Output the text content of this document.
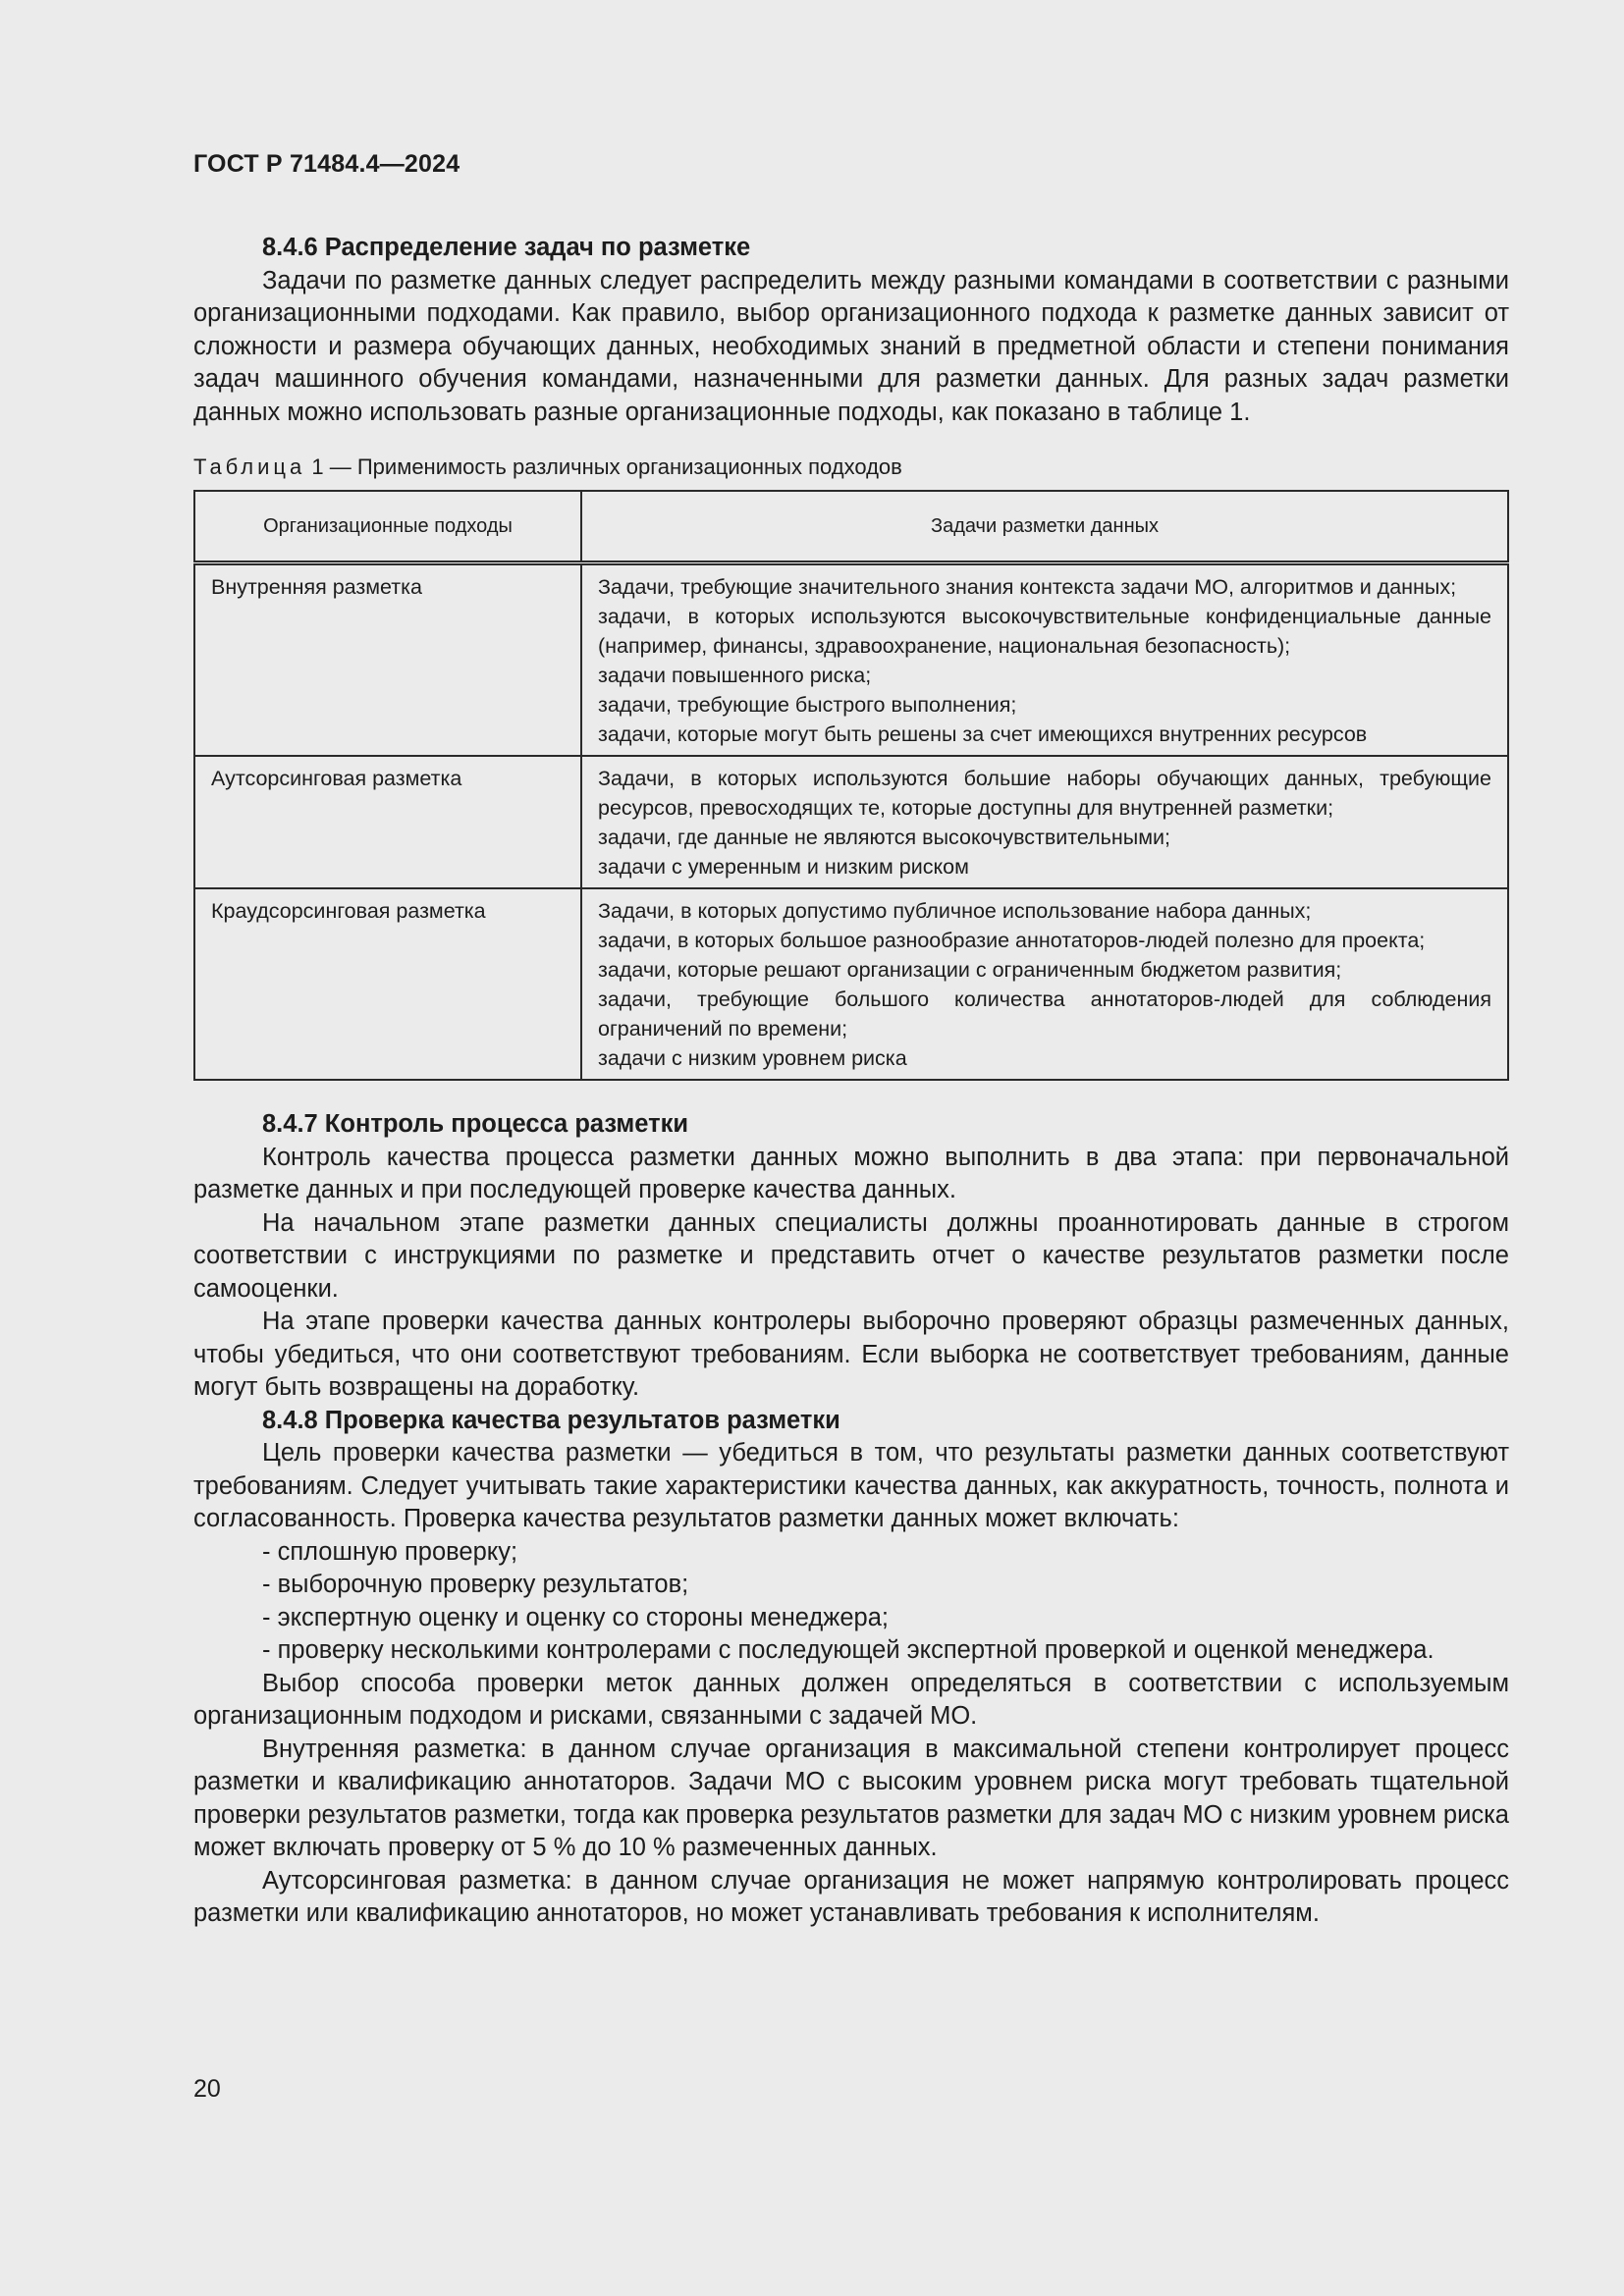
ГОСТ Р 71484.4—2024
8.4.6 Распределение задач по разметке

Задачи по разметке данных следует распределить между разными командами в соответствии с разными организационными подходами. Как правило, выбор организационного подхода к разметке данных зависит от сложности и размера обучающих данных, необходимых знаний в предметной области и степени понимания задач машинного обучения командами, назначенными для разметки данных. Для разных задач разметки данных можно использовать разные организационные подходы, как показано в таблице 1.

Таблица 1 — Применимость различных организационных подходов
Организационные подходы	Задачи разметки данных
Внутренняя разметка	Задачи, требующие значительного знания контекста задачи МО, алгоритмов и данных;
задачи, в которых используются высокочувствительные конфиденциальные данные (например, финансы, здравоохранение, национальная безопасность);
задачи повышенного риска;
задачи, требующие быстрого выполнения;
задачи, которые могут быть решены за счет имеющихся внутренних ресурсов

Аутсорсинговая разметка	Задачи, в которых используются большие наборы обучающих данных, требующие ресурсов, превосходящих те, которые доступны для внутренней разметки;
задачи, где данные не являются высокочувствительными;
задачи с умеренным и низким риском

Краудсорсинговая разметка	Задачи, в которых допустимо публичное использование набора данных;
задачи, в которых большое разнообразие аннотаторов-людей полезно для проекта;
задачи, которые решают организации с ограниченным бюджетом развития;
задачи, требующие большого количества аннотаторов-людей для соблюдения ограничений по времени;
задачи с низким уровнем риска
8.4.7 Контроль процесса разметки

Контроль качества процесса разметки данных можно выполнить в два этапа: при первоначальной разметке данных и при последующей проверке качества данных.

На начальном этапе разметки данных специалисты должны проаннотировать данные в строгом соответствии с инструкциями по разметке и представить отчет о качестве результатов разметки после самооценки.

На этапе проверки качества данных контролеры выборочно проверяют образцы размеченных данных, чтобы убедиться, что они соответствуют требованиям. Если выборка не соответствует требованиям, данные могут быть возвращены на доработку.

8.4.8 Проверка качества результатов разметки

Цель проверки качества разметки — убедиться в том, что результаты разметки данных соответствуют требованиям. Следует учитывать такие характеристики качества данных, как аккуратность, точность, полнота и согласованность. Проверка качества результатов разметки данных может включать:

- сплошную проверку;
- выборочную проверку результатов;
- экспертную оценку и оценку со стороны менеджера;
- проверку несколькими контролерами с последующей экспертной проверкой и оценкой менеджера.

Выбор способа проверки меток данных должен определяться в соответствии с используемым организационным подходом и рисками, связанными с задачей МО.

Внутренняя разметка: в данном случае организация в максимальной степени контролирует процесс разметки и квалификацию аннотаторов. Задачи МО с высоким уровнем риска могут требовать тщательной проверки результатов разметки, тогда как проверка результатов разметки для задач МО с низким уровнем риска может включать проверку от 5 % до 10 % размеченных данных.

Аутсорсинговая разметка: в данном случае организация не может напрямую контролировать процесс разметки или квалификацию аннотаторов, но может устанавливать требования к исполнителям.

20
